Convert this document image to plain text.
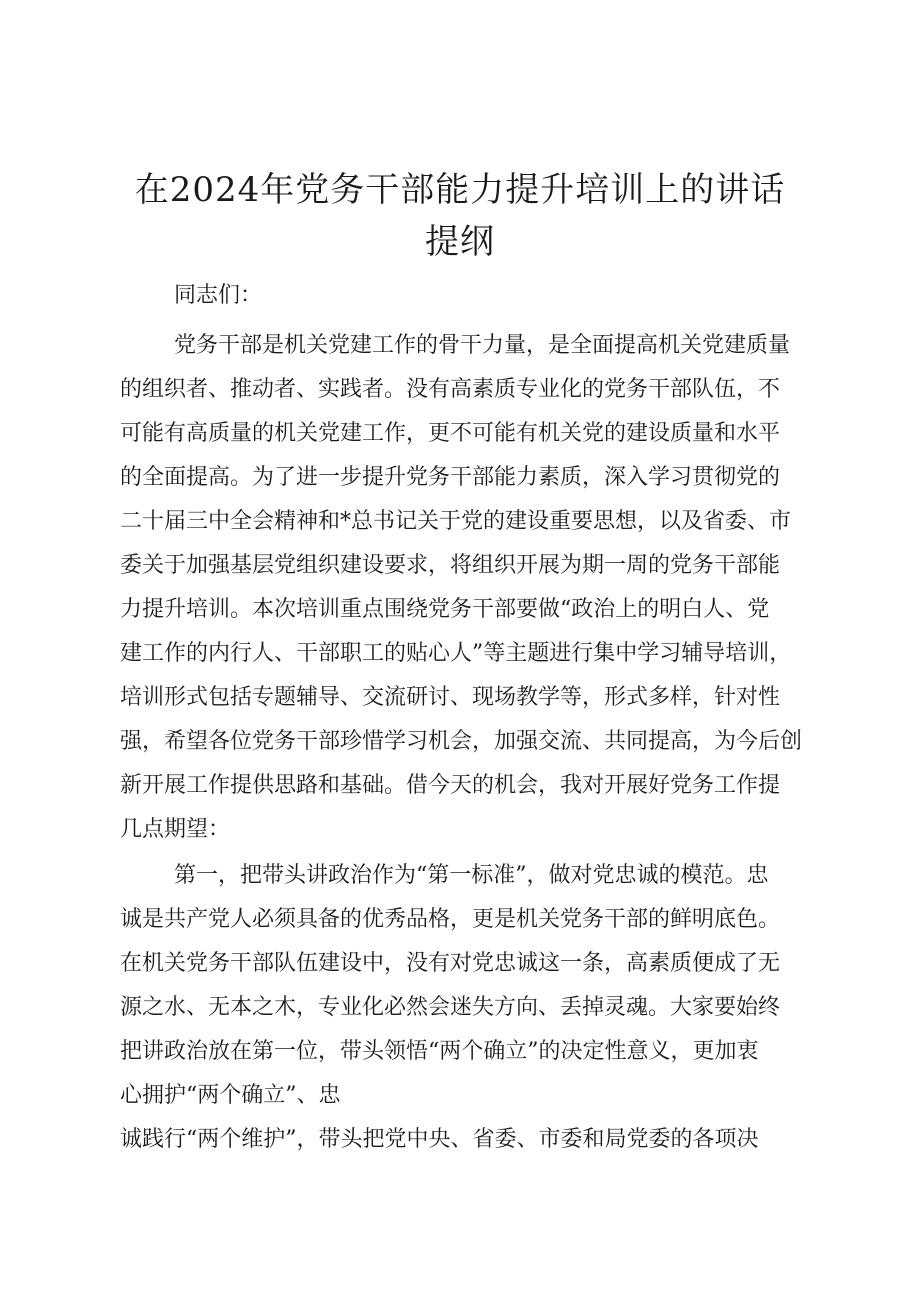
在2024年党务干部能力提升培训上的讲话提纲

同志们：

党务干部是机关党建工作的骨干力量，是全面提高机关党建质量

的组织者、推动者、实践者。没有高素质专业化的党务干部队伍，不

可能有高质量的机关党建工作，更不可能有机关党的建设质量和水平

的全面提高。为了进一步提升党务干部能力素质，深入学习贯彻党的

二十届三中全会精神和*总书记关于党的建设重要思想，以及省委、市

委关于加强基层党组织建设要求，将组织开展为期一周的党务干部能

力提升培训。本次培训重点围绕党务干部要做“政治上的明白人、党

建工作的内行人、干部职工的贴心人”等主题进行集中学习辅导培训，

培训形式包括专题辅导、交流研讨、现场教学等，形式多样，针对性

强，希望各位党务干部珍惜学习机会，加强交流、共同提高，为今后创

新开展工作提供思路和基础。借今天的机会，我对开展好党务工作提

几点期望：

第一，把带头讲政治作为“第一标准”，做对党忠诚的模范。忠

诚是共产党人必须具备的优秀品格，更是机关党务干部的鲜明底色。

在机关党务干部队伍建设中，没有对党忠诚这一条，高素质便成了无

源之水、无本之木，专业化必然会迷失方向、丢掉灵魂。大家要始终

把讲政治放在第一位，带头领悟“两个确立”的决定性意义，更加衷

心拥护“两个确立”、忠

诚践行“两个维护”，带头把党中央、省委、市委和局党委的各项决
